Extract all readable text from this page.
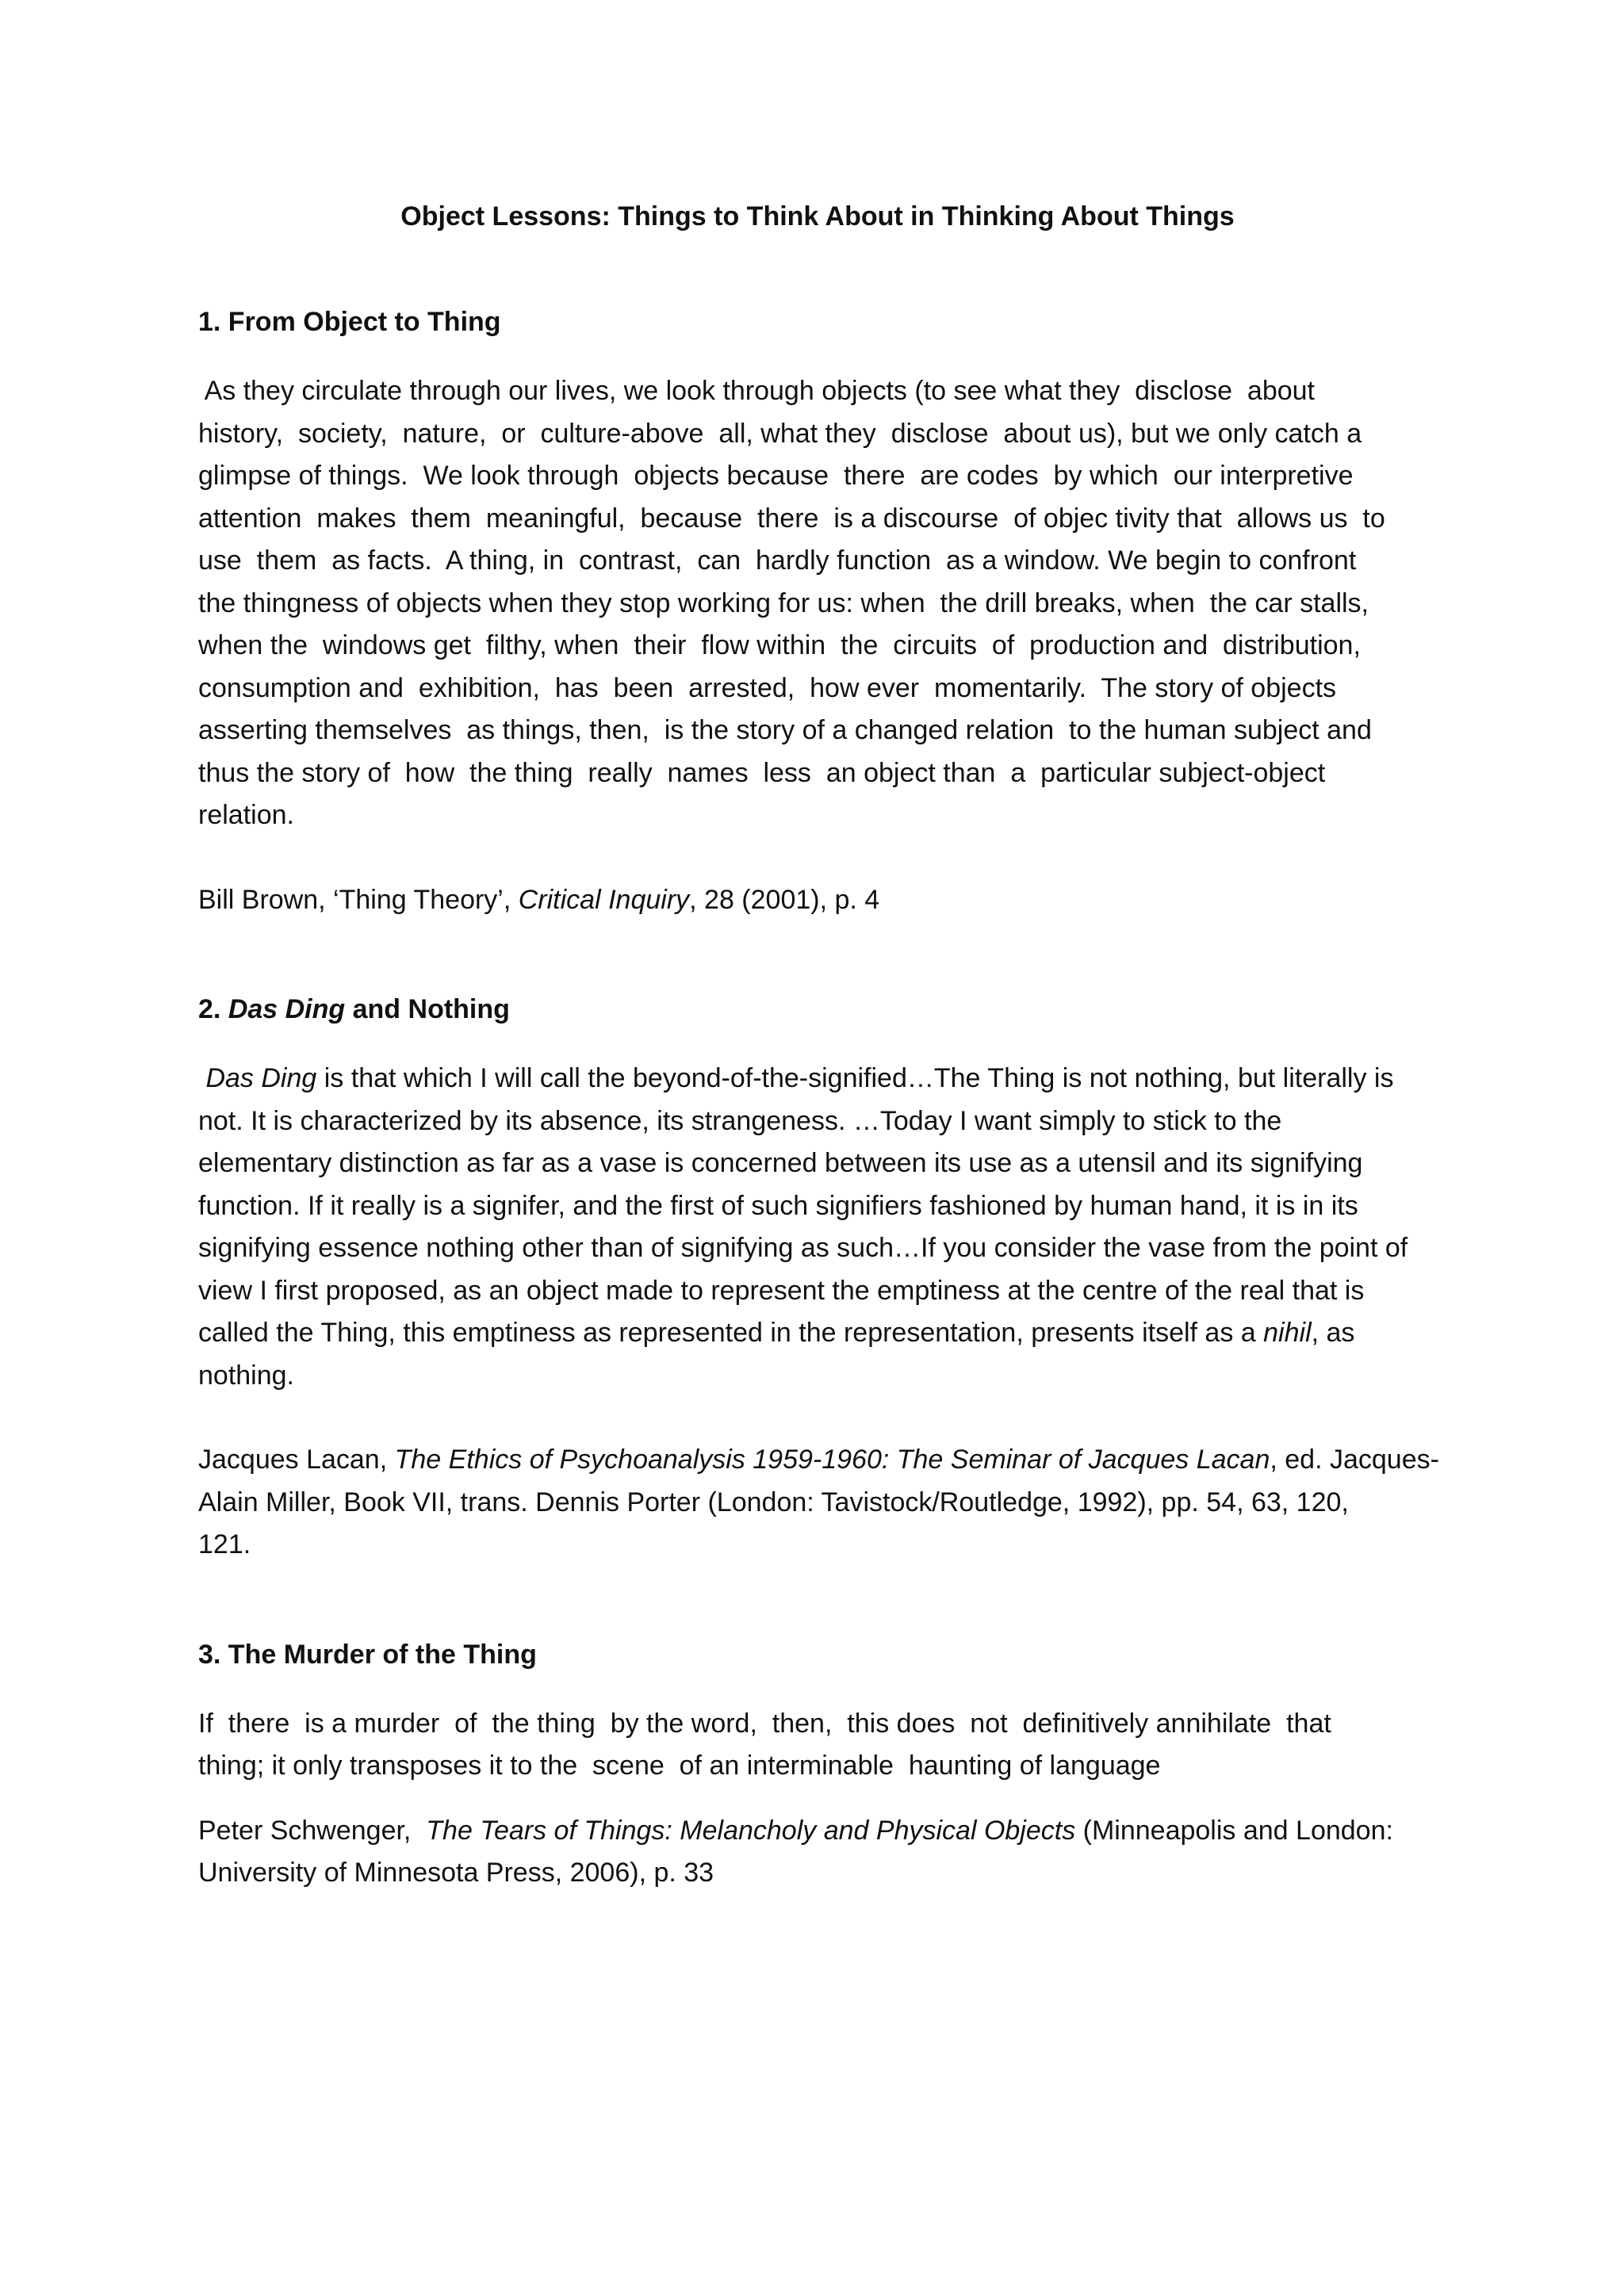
Object Lessons: Things to Think About in Thinking About Things
1. From Object to Thing
As they circulate through our lives, we look through objects (to see what they  disclose  about
history,  society,  nature,  or  culture-above  all, what they  disclose  about us), but we only catch a
glimpse of things.  We look through  objects because  there  are codes  by which  our interpretive
attention  makes  them  meaningful,  because  there  is a discourse  of objec tivity that  allows us  to
use  them  as facts.  A thing, in  contrast,  can  hardly function  as a window. We begin to confront
the thingness of objects when they stop working for us: when  the drill breaks, when  the car stalls,
when the  windows get  filthy, when  their  flow within  the  circuits  of  production and  distribution,
consumption and  exhibition,  has  been  arrested,  how ever  momentarily.  The story of objects
asserting themselves  as things, then,  is the story of a changed relation  to the human subject and
thus the story of  how  the thing  really  names  less  an object than  a  particular subject-object
relation.
Bill Brown, ‘Thing Theory’, Critical Inquiry, 28 (2001), p. 4
2. Das Ding and Nothing
Das Ding is that which I will call the beyond-of-the-signified…The Thing is not nothing, but literally is
not. It is characterized by its absence, its strangeness. …Today I want simply to stick to the
elementary distinction as far as a vase is concerned between its use as a utensil and its signifying
function. If it really is a signifer, and the first of such signifiers fashioned by human hand, it is in its
signifying essence nothing other than of signifying as such…If you consider the vase from the point of
view I first proposed, as an object made to represent the emptiness at the centre of the real that is
called the Thing, this emptiness as represented in the representation, presents itself as a nihil, as
nothing.
Jacques Lacan, The Ethics of Psychoanalysis 1959-1960: The Seminar of Jacques Lacan, ed. Jacques-
Alain Miller, Book VII, trans. Dennis Porter (London: Tavistock/Routledge, 1992), pp. 54, 63, 120,
121.
3. The Murder of the Thing
If  there  is a murder  of  the thing  by the word,  then,  this does  not  definitively annihilate  that
thing; it only transposes it to the  scene  of an interminable  haunting of language
Peter Schwenger,  The Tears of Things: Melancholy and Physical Objects (Minneapolis and London:
University of Minnesota Press, 2006), p. 33
